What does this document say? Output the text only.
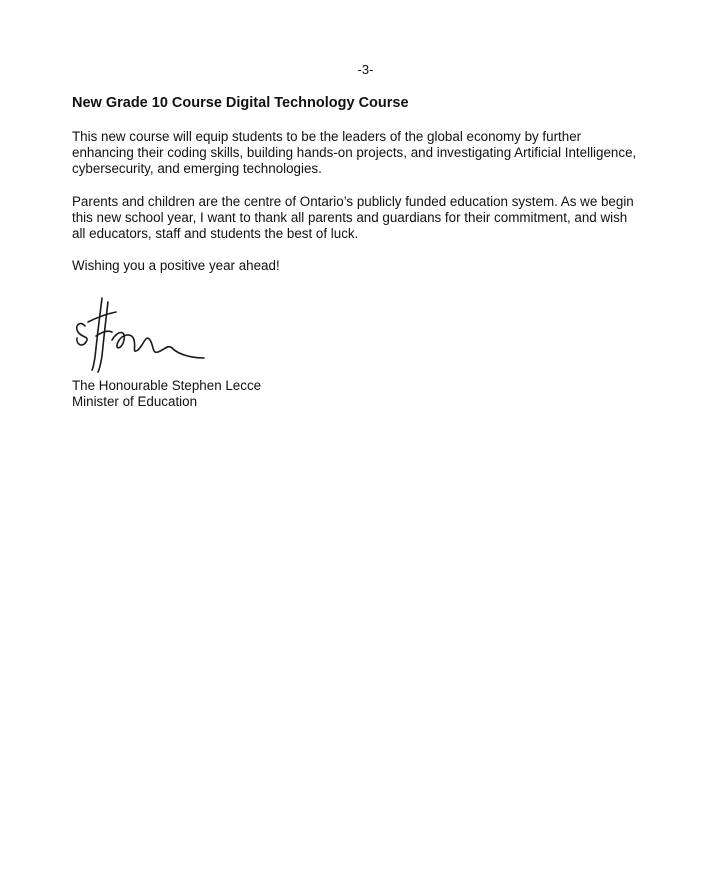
-3-
New Grade 10 Course Digital Technology Course
This new course will equip students to be the leaders of the global economy by further
enhancing their coding skills, building hands-on projects, and investigating Artificial Intelligence,
cybersecurity, and emerging technologies.
Parents and children are the centre of Ontario’s publicly funded education system. As we begin
this new school year, I want to thank all parents and guardians for their commitment, and wish
all educators, staff and students the best of luck.
Wishing you a positive year ahead!
The Honourable Stephen Lecce
Minister of Education
